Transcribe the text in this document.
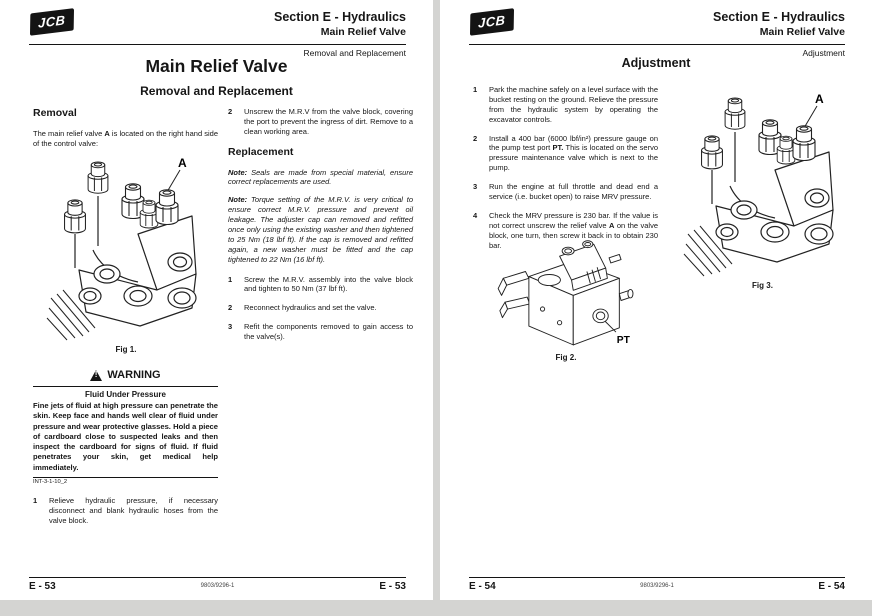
JCB	Section E - Hydraulics
Main Relief Valve
Removal and Replacement
Main Relief Valve
Removal and Replacement
Removal
The main relief valve A is located on the right hand side of the control valve:
A
Fig 1.
!
WARNING
Fluid Under Pressure
Fine jets of fluid at high pressure can penetrate the skin. Keep face and hands well clear of fluid under pressure and wear protective glasses. Hold a piece of cardboard close to suspected leaks and then inspect the cardboard for signs of fluid. If fluid penetrates your skin, get medical help immediately.
INT-3-1-10_2
1	Relieve hydraulic pressure, if necessary disconnect and blank hydraulic hoses from the valve block.
2	Unscrew the M.R.V from the valve block, covering the port to prevent the ingress of dirt. Remove to a clean working area.
Replacement
Note: Seals are made from special material, ensure correct replacements are used.
Note: Torque setting of the M.R.V. is very critical to ensure correct M.R.V. pressure and prevent oil leakage. The adjuster cap can removed and refitted once only using the existing washer and then tightened to 25 Nm (18 lbf ft). If the cap is removed and refitted again, a new washer must be fitted and the cap tightened to 22 Nm (16 lbf ft).
1	Screw the M.R.V. assembly into the valve block and tighten to 50 Nm (37 lbf ft).
2	Reconnect hydraulics and set the valve.
3	Refit the components removed to gain access to the valve(s).
E - 53	9803/9296-1	E - 53
JCB	Section E - Hydraulics
Main Relief Valve
Adjustment
Adjustment
1	Park the machine safely on a level surface with the bucket resting on the ground. Relieve the pressure from the hydraulic system by operating the excavator controls.
2	Install a 400 bar (6000 lbf/in²) pressure gauge on the pump test port PT. This is located on the servo pressure maintenance valve which is next to the pump.
3	Run the engine at full throttle and dead end a service (i.e. bucket open) to raise MRV pressure.
4	Check the MRV pressure is 230 bar. If the value is not correct unscrew the relief valve A on the valve block, one turn, then screw it back in to obtain 230 bar.
PT
Fig 2.
A
Fig 3.
E - 54	9803/9296-1	E - 54
